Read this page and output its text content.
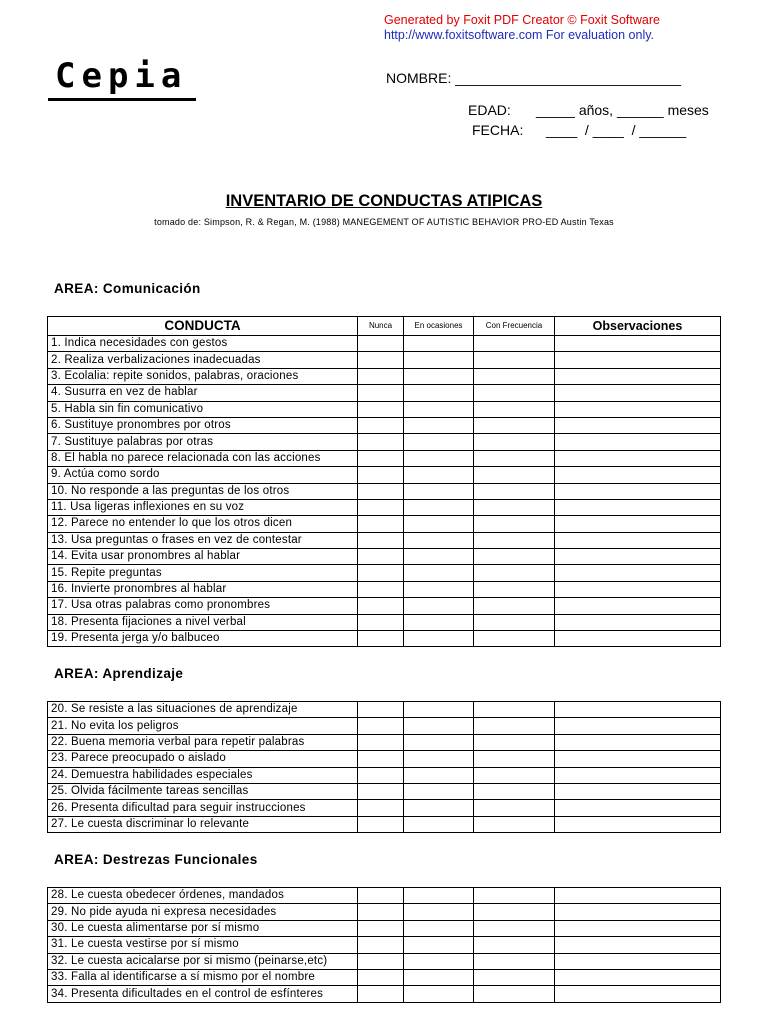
Generated by Foxit PDF Creator © Foxit Software
http://www.foxitsoftware.com For evaluation only.
Cepia	NOMBRE: _____________________________
EDAD: _____ años, ______ meses
FECHA: ____  / ____  / ______
INVENTARIO DE CONDUCTAS ATIPICAS
tomado de: Simpson, R. & Regan, M. (1988) MANEGEMENT OF AUTISTIC BEHAVIOR PRO-ED Austin Texas
AREA: Comunicación
CONDUCTA	Nunca	En ocasiones	Con Frecuencia	Observaciones
1. Indica necesidades con gestos				
2. Realiza verbalizaciones inadecuadas				
3. Ecolalia: repite sonidos, palabras, oraciones				
4. Susurra en vez de hablar				
5. Habla sin fin comunicativo				
6. Sustituye pronombres por otros				
7. Sustituye palabras por otras				
8. El habla no parece relacionada con las acciones				
9. Actúa como sordo				
10. No responde a las preguntas de los otros				
11. Usa ligeras inflexiones en su voz				
12. Parece no entender lo que los otros dicen				
13. Usa preguntas o frases en vez de contestar				
14. Evita usar pronombres al hablar				
15. Repite preguntas				
16. Invierte pronombres al hablar				
17. Usa otras palabras como pronombres				
18. Presenta fijaciones a nivel verbal				
19. Presenta jerga y/o balbuceo				
AREA: Aprendizaje
20. Se resiste a las situaciones de aprendizaje				
21. No evita los peligros				
22. Buena memoria verbal para repetir palabras				
23. Parece preocupado o aislado				
24. Demuestra habilidades especiales				
25. Olvida fácilmente tareas sencillas				
26. Presenta dificultad para seguir instrucciones				
27. Le cuesta discriminar lo relevante				
AREA: Destrezas Funcionales
28. Le cuesta obedecer órdenes, mandados				
29. No pide ayuda ni expresa necesidades				
30. Le cuesta alimentarse por sí mismo				
31. Le cuesta vestirse por sí mismo				
32. Le cuesta acicalarse por si mismo (peinarse,etc)				
33. Falla al identificarse a sí mismo por el nombre				
34. Presenta dificultades en el control de esfínteres				
